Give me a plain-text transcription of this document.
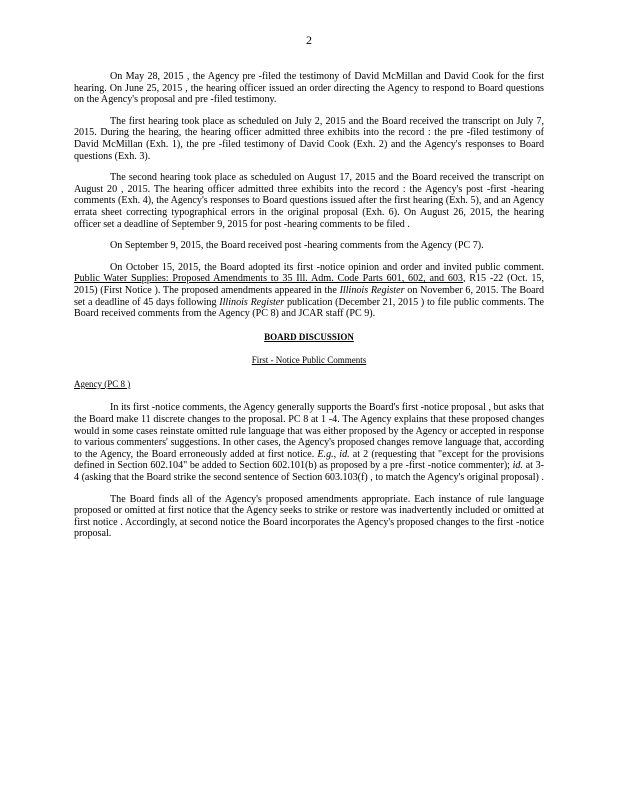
2

On May 28, 2015 , the Agency pre -filed the testimony of David McMillan and David Cook for the first hearing. On June 25, 2015 , the hearing officer issued an order directing the Agency to respond to Board questions on the Agency's proposal and pre -filed testimony.

The first hearing took place as scheduled on July 2, 2015 and the Board received the transcript on July 7, 2015. During the hearing, the hearing officer admitted three exhibits into the record : the pre -filed testimony of David McMillan (Exh. 1), the pre -filed testimony of David Cook (Exh. 2) and the Agency's responses to Board questions (Exh. 3).

The second hearing took place as scheduled on August 17, 2015 and the Board received the transcript on August 20 , 2015. The hearing officer admitted three exhibits into the record : the Agency's post -first -hearing comments (Exh. 4), the Agency's responses to Board questions issued after the first hearing (Exh. 5), and an Agency errata sheet correcting typographical errors in the original proposal (Exh. 6). On August 26, 2015, the hearing officer set a deadline of September 9, 2015 for post -hearing comments to be filed .

On September 9, 2015, the Board received post -hearing comments from the Agency (PC 7).

On October 15, 2015, the Board adopted its first -notice opinion and order and invited public comment. Public Water Supplies: Proposed Amendments to 35 Ill. Adm. Code Parts 601, 602, and 603, R15 -22 (Oct. 15, 2015) (First Notice ). The proposed amendments appeared in the Illinois Register on November 6, 2015. The Board set a deadline of 45 days following Illinois Register publication (December 21, 2015 ) to file public comments. The Board received comments from the Agency (PC 8) and JCAR staff (PC 9).

BOARD DISCUSSION
First - Notice Public Comments
Agency (PC 8 )

In its first -notice comments, the Agency generally supports the Board's first -notice proposal , but asks that the Board make 11 discrete changes to the proposal. PC 8 at 1 -4. The Agency explains that these proposed changes would in some cases reinstate omitted rule language that was either proposed by the Agency or accepted in response to various commenters' suggestions. In other cases, the Agency's proposed changes remove language that, according to the Agency, the Board erroneously added at first notice. E.g., id. at 2 (requesting that "except for the provisions defined in Section 602.104" be added to Section 602.101(b) as proposed by a pre -first -notice commenter); id. at 3- 4 (asking that the Board strike the second sentence of Section 603.103(f) , to match the Agency's original proposal) .

The Board finds all of the Agency's proposed amendments appropriate. Each instance of rule language proposed or omitted at first notice that the Agency seeks to strike or restore was inadvertently included or omitted at first notice . Accordingly, at second notice the Board incorporates the Agency's proposed changes to the first -notice proposal.
